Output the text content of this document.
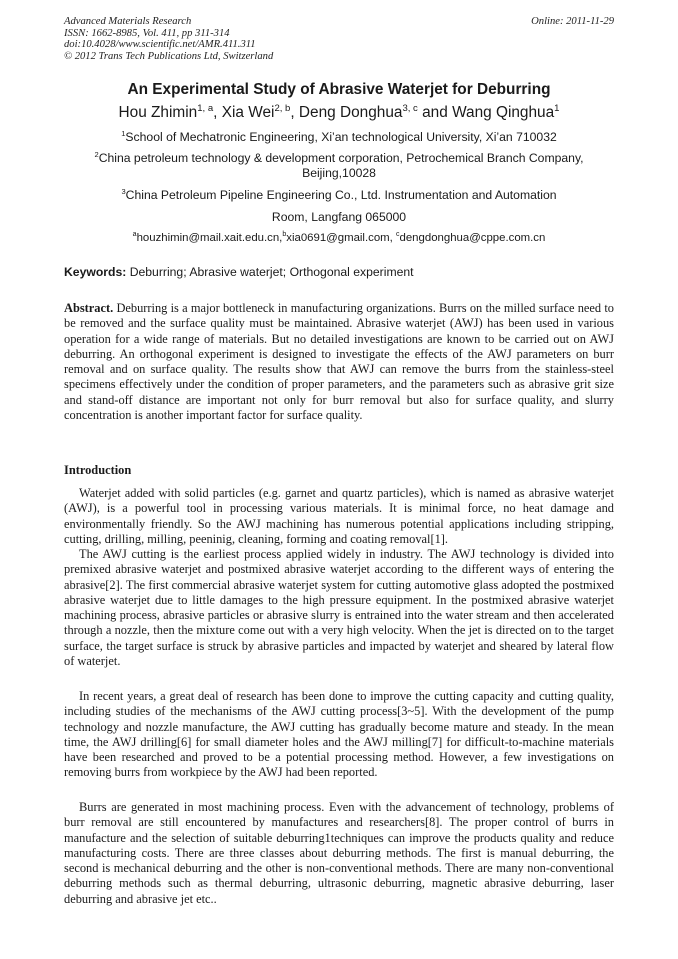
Advanced Materials Research
ISSN: 1662-8985, Vol. 411, pp 311-314
doi:10.4028/www.scientific.net/AMR.411.311
© 2012 Trans Tech Publications Ltd, Switzerland
Online: 2011-11-29
An Experimental Study of Abrasive Waterjet for Deburring
Hou Zhimin$^{1, a}$, Xia Wei$^{2, b}$, Deng Donghua$^{3, c}$ and Wang Qinghua$^1$
$^1$School of Mechatronic Engineering, Xi’an technological University, Xi’an 710032
$^2$China petroleum technology & development corporation, Petrochemical Branch Company, Beijing,10028
$^3$China Petroleum Pipeline Engineering Co., Ltd. Instrumentation and Automation
Room, Langfang 065000
$^a$houzhimin@mail.xait.edu.cn,$^b$xia0691@gmail.com, $^c$dengdonghua@cppe.com.cn
Keywords: Deburring; Abrasive waterjet; Orthogonal experiment

Abstract. Deburring is a major bottleneck in manufacturing organizations. Burrs on the milled surface need to be removed and the surface quality must be maintained. Abrasive waterjet (AWJ) has been used in various operation for a wide range of materials. But no detailed investigations are known to be carried out on AWJ deburring. An orthogonal experiment is designed to investigate the effects of the AWJ parameters on burr removal and on surface quality. The results show that AWJ can remove the burrs from the stainless-steel specimens effectively under the condition of proper parameters, and the parameters such as abrasive grit size and stand-off distance are important not only for burr removal but also for surface quality, and slurry concentration is another important factor for surface quality.

Introduction

Waterjet added with solid particles (e.g. garnet and quartz particles), which is named as abrasive waterjet (AWJ), is a powerful tool in processing various materials. It is minimal force, no heat damage and environmentally friendly. So the AWJ machining has numerous potential applications including stripping, cutting, drilling, milling, peeninig, cleaning, forming and coating removal[1].

The AWJ cutting is the earliest process applied widely in industry. The AWJ technology is divided into premixed abrasive waterjet and postmixed abrasive waterjet according to the different ways of entering the abrasive[2]. The first commercial abrasive waterjet system for cutting automotive glass adopted the postmixed abrasive waterjet due to little damages to the high pressure equipment. In the postmixed abrasive waterjet machining process, abrasive particles or abrasive slurry is entrained into the water stream and then accelerated through a nozzle, then the mixture come out with a very high velocity. When the jet is directed on to the target surface, the target surface is struck by abrasive particles and impacted by waterjet and sheared by lateral flow of waterjet.

In recent years, a great deal of research has been done to improve the cutting capacity and cutting quality, including studies of the mechanisms of the AWJ cutting process[3~5]. With the development of the pump technology and nozzle manufacture, the AWJ cutting has gradually become mature and steady. In the mean time, the AWJ drilling[6] for small diameter holes and the AWJ milling[7] for difficult-to-machine materials have been researched and proved to be a potential processing method. However, a few investigations on removing burrs from workpiece by the AWJ had been reported.

Burrs are generated in most machining process. Even with the advancement of technology, problems of burr removal are still encountered by manufactures and researchers[8]. The proper control of burrs in manufacture and the selection of suitable deburring1techniques can improve the products quality and reduce manufacturing costs. There are three classes about deburring methods. The first is manual deburring, the second is mechanical deburring and the other is non-conventional methods. There are many non-conventional deburring methods such as thermal deburring, ultrasonic deburring, magnetic abrasive deburring, laser deburring and abrasive jet etc..
